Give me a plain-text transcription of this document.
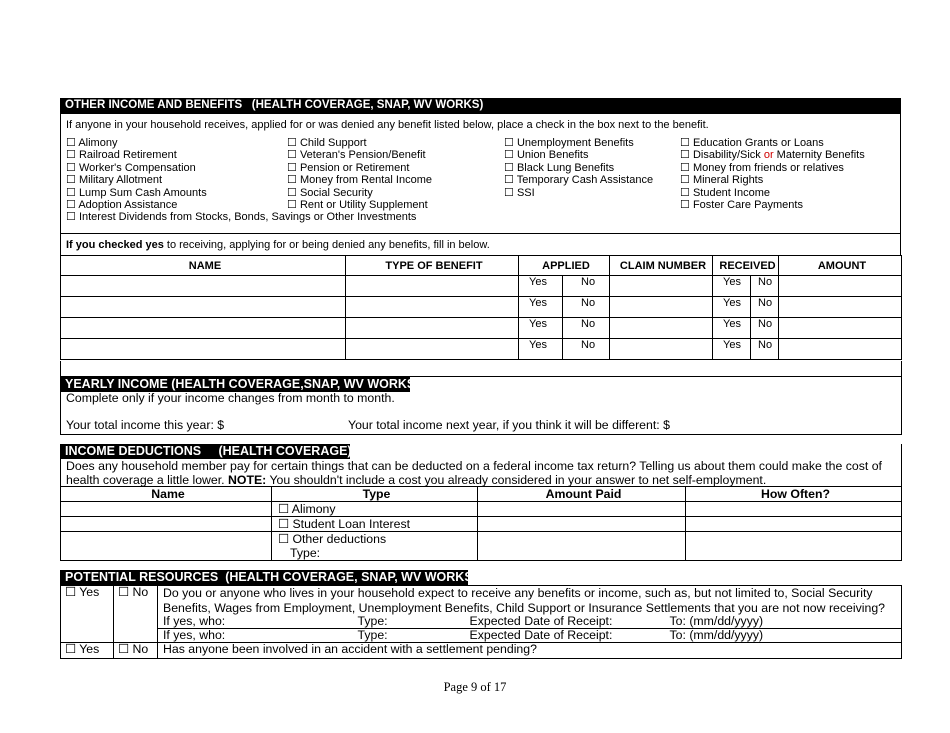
OTHER INCOME AND BENEFITS   (HEALTH COVERAGE, SNAP, WV WORKS)
If anyone in your household receives, applied for or was denied any benefit listed below, place a check in the box next to the benefit.
☐ Alimony
☐ Railroad Retirement
☐ Worker's Compensation
☐ Military Allotment
☐ Lump Sum Cash Amounts
☐ Adoption Assistance
☐ Interest Dividends from Stocks, Bonds, Savings or Other Investments
☐ Child Support
☐ Veteran's Pension/Benefit
☐ Pension or Retirement
☐ Money from Rental Income
☐ Social Security
☐ Rent or Utility Supplement
☐ Unemployment Benefits
☐ Union Benefits
☐ Black Lung Benefits
☐ Temporary Cash Assistance
☐ SSI
☐ Education Grants or Loans
☐ Disability/Sick or Maternity Benefits
☐ Money from friends or relatives
☐ Mineral Rights
☐ Student Income
☐ Foster Care Payments
If you checked yes to receiving, applying for or being denied any benefits, fill in below.
NAME	TYPE OF BENEFIT	APPLIED		CLAIM NUMBER	RECEIVED		AMOUNT
		Yes	No		Yes	No	
		Yes	No		Yes	No	
		Yes	No		Yes	No	
		Yes	No		Yes	No	
YEARLY INCOME (HEALTH COVERAGE,SNAP, WV WORKS)
Complete only if your income changes from month to month.
Your total income this year: $	Your total income next year, if you think it will be different: $
INCOME DEDUCTIONS     (HEALTH COVERAGE)
Does any household member pay for certain things that can be deducted on a federal income tax return? Telling us about them could make the cost of
health coverage a little lower. NOTE: You shouldn't include a cost you already considered in your answer to net self-employment.
Name	Type	Amount Paid	How Often?
	☐ Alimony		
	☐ Student Loan Interest		
	☐ Other deductions
Type:		
POTENTIAL RESOURCES  (HEALTH COVERAGE, SNAP, WV WORKS)
☐ Yes	☐ No	Do you or anyone who lives in your household expect to receive any benefits or income, such as, but not limited to, Social Security			
		Benefits, Wages from Employment, Unemployment Benefits, Child Support or Insurance Settlements that you are not now receiving?			
		If yes, who:	Type:	Expected Date of Receipt:	To: (mm/dd/yyyy)
		If yes, who:	Type:	Expected Date of Receipt:	To: (mm/dd/yyyy)
☐ Yes	☐ No	Has anyone been involved in an accident with a settlement pending?			
Page 9 of 17
